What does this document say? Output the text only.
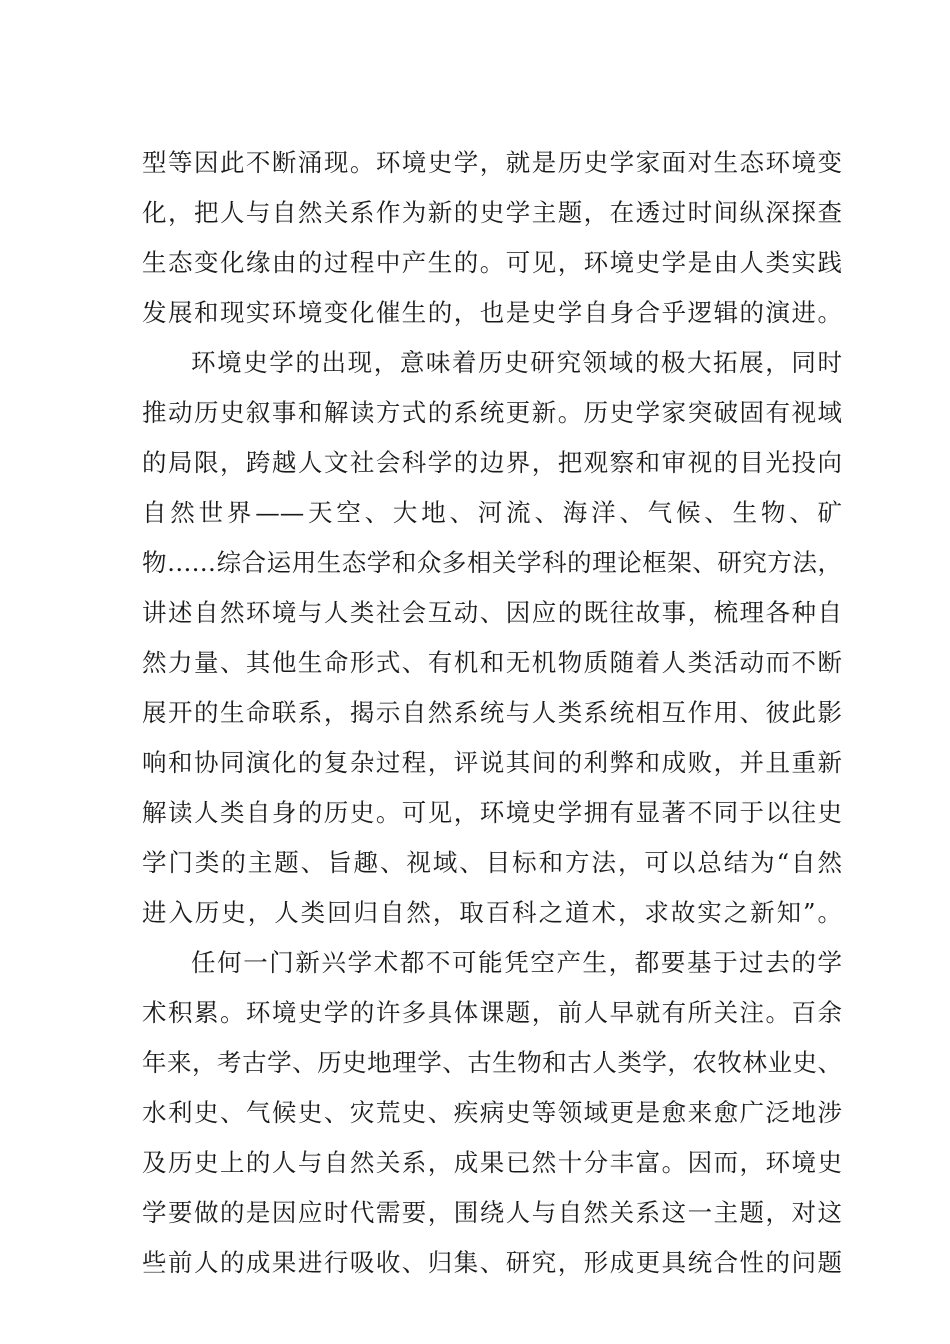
型等因此不断涌现。环境史学，就是历史学家面对生态环境变
化，把人与自然关系作为新的史学主题，在透过时间纵深探查
生态变化缘由的过程中产生的。可见，环境史学是由人类实践
发展和现实环境变化催生的，也是史学自身合乎逻辑的演进。
环境史学的出现，意味着历史研究领域的极大拓展，同时
推动历史叙事和解读方式的系统更新。历史学家突破固有视域
的局限，跨越人文社会科学的边界，把观察和审视的目光投向
自然世界——天空、大地、河流、海洋、气候、生物、矿
物……综合运用生态学和众多相关学科的理论框架、研究方法，
讲述自然环境与人类社会互动、因应的既往故事，梳理各种自
然力量、其他生命形式、有机和无机物质随着人类活动而不断
展开的生命联系，揭示自然系统与人类系统相互作用、彼此影
响和协同演化的复杂过程，评说其间的利弊和成败，并且重新
解读人类自身的历史。可见，环境史学拥有显著不同于以往史
学门类的主题、旨趣、视域、目标和方法，可以总结为“自然
进入历史，人类回归自然，取百科之道术，求故实之新知”。
任何一门新兴学术都不可能凭空产生，都要基于过去的学
术积累。环境史学的许多具体课题，前人早就有所关注。百余
年来，考古学、历史地理学、古生物和古人类学，农牧林业史、
水利史、气候史、灾荒史、疾病史等领域更是愈来愈广泛地涉
及历史上的人与自然关系，成果已然十分丰富。因而，环境史
学要做的是因应时代需要，围绕人与自然关系这一主题，对这
些前人的成果进行吸收、归集、研究，形成更具统合性的问题
